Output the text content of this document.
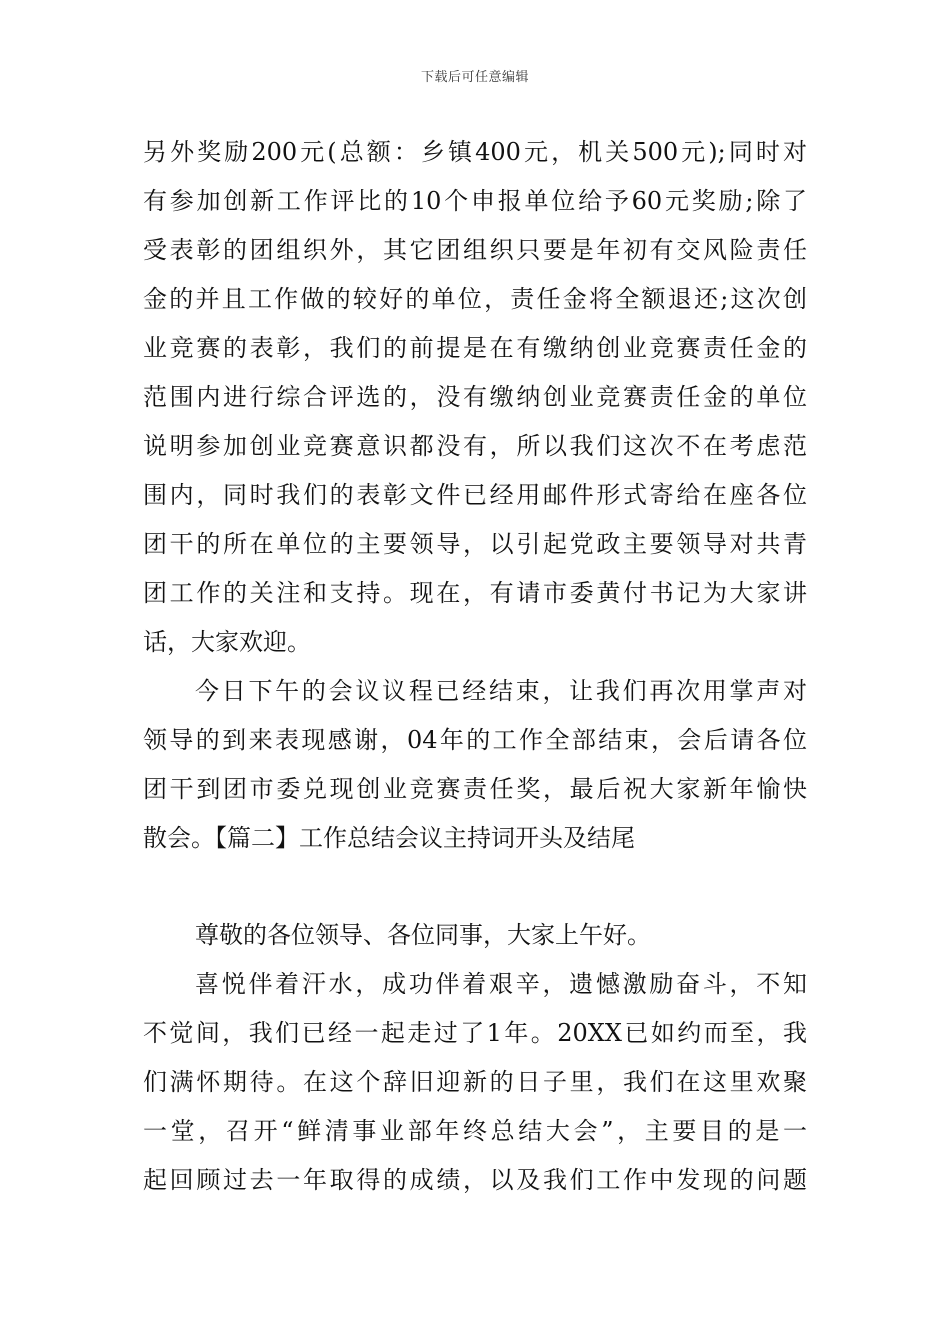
下载后可任意编辑
另外奖励200元(总额：乡镇400元，机关500元);同时对
有参加创新工作评比的10个申报单位给予60元奖励;除了
受表彰的团组织外，其它团组织只要是年初有交风险责任
金的并且工作做的较好的单位，责任金将全额退还;这次创
业竞赛的表彰，我们的前提是在有缴纳创业竞赛责任金的
范围内进行综合评选的，没有缴纳创业竞赛责任金的单位
说明参加创业竞赛意识都没有，所以我们这次不在考虑范
围内，同时我们的表彰文件已经用邮件形式寄给在座各位
团干的所在单位的主要领导，以引起党政主要领导对共青
团工作的关注和支持。现在，有请市委黄付书记为大家讲
话，大家欢迎。
今日下午的会议议程已经结束，让我们再次用掌声对
领导的到来表现感谢，04年的工作全部结束，会后请各位
团干到团市委兑现创业竞赛责任奖，最后祝大家新年愉快
散会。【篇二】工作总结会议主持词开头及结尾
尊敬的各位领导、各位同事，大家上午好。
喜悦伴着汗水，成功伴着艰辛，遗憾激励奋斗，不知
不觉间，我们已经一起走过了1年。20XX已如约而至，我
们满怀期待。在这个辞旧迎新的日子里，我们在这里欢聚
一堂，召开“鲜清事业部年终总结大会”，主要目的是一
起回顾过去一年取得的成绩，以及我们工作中发现的问题
